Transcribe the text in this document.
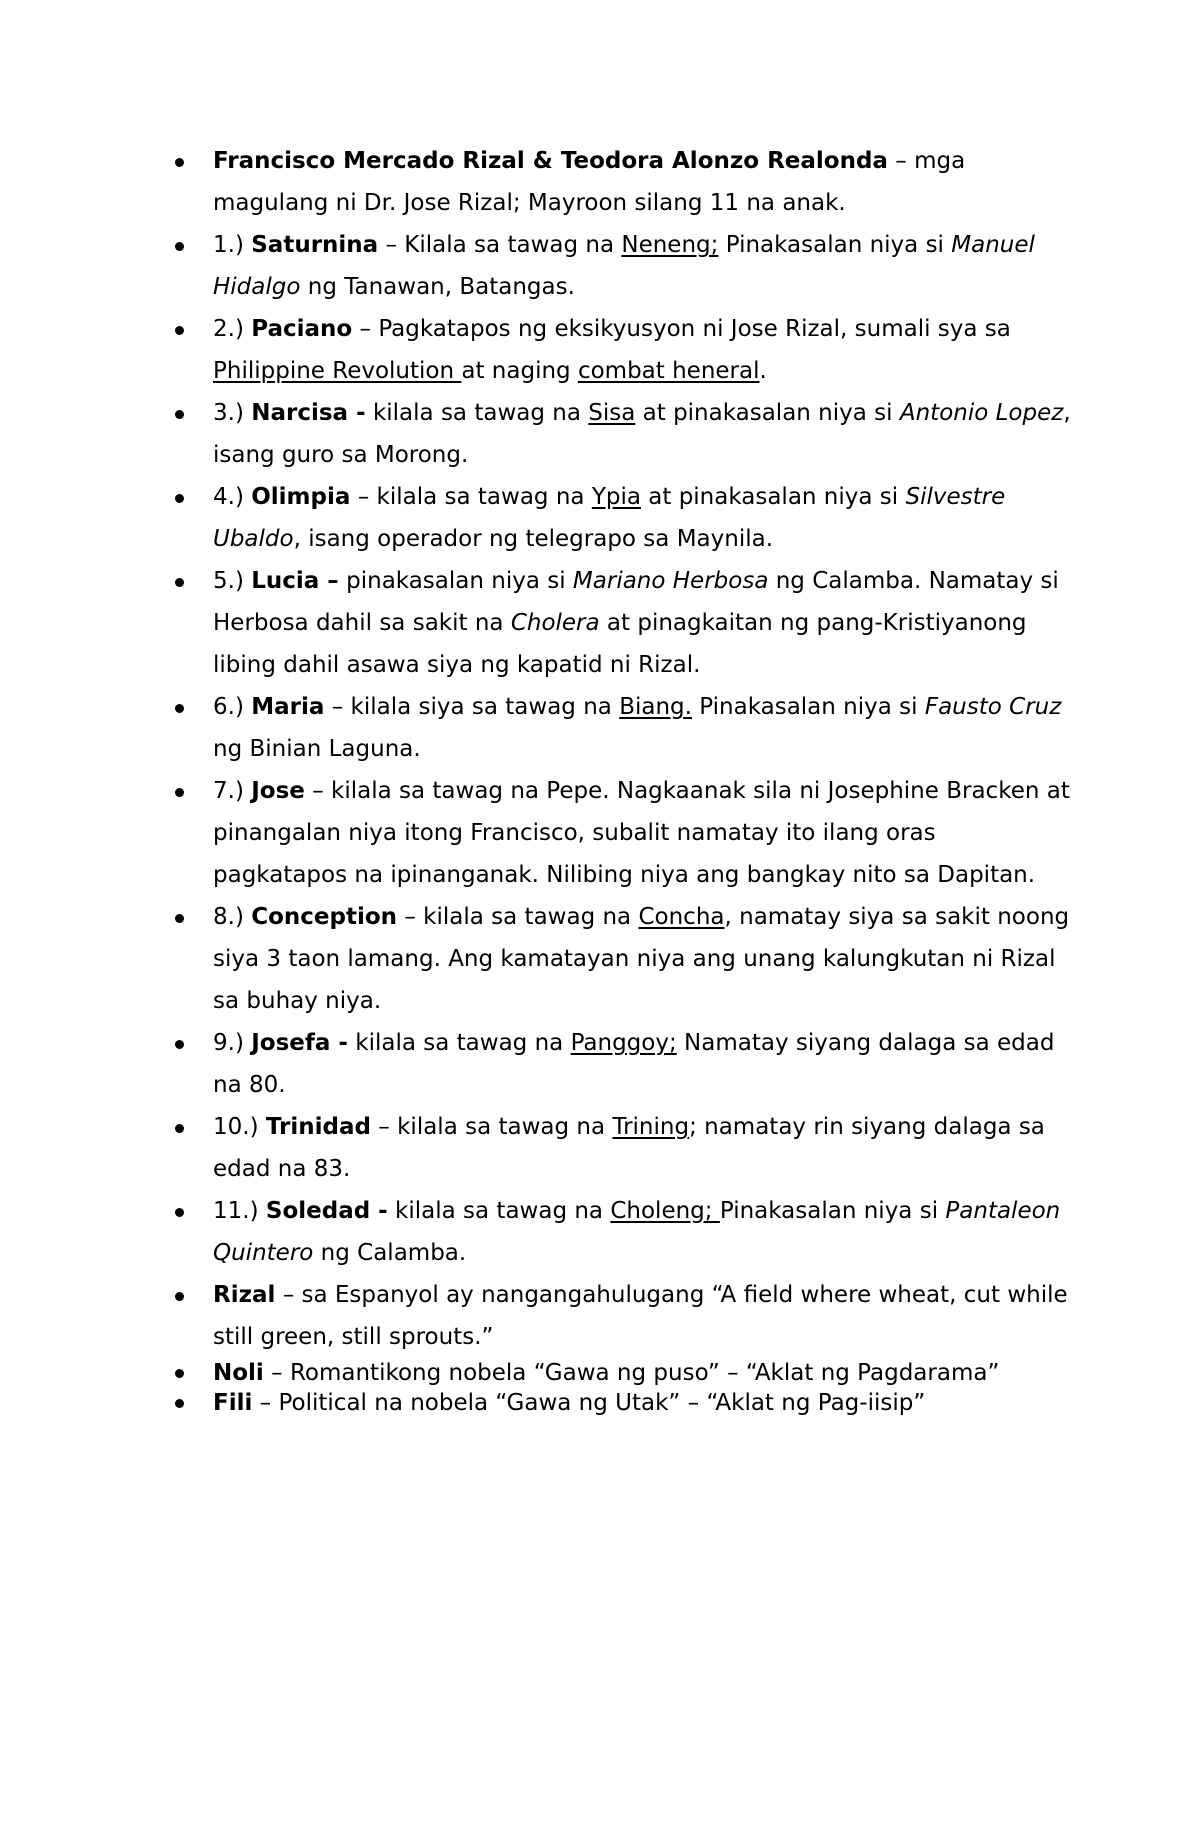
Francisco Mercado Rizal & Teodora Alonzo Realonda – mga magulang ni Dr. Jose Rizal; Mayroon silang 11 na anak.
1.) Saturnina – Kilala sa tawag na Neneng; Pinakasalan niya si Manuel Hidalgo ng Tanawan, Batangas.
2.) Paciano – Pagkatapos ng eksikyusyon ni Jose Rizal, sumali sya sa Philippine Revolution at naging combat heneral.
3.) Narcisa - kilala sa tawag na Sisa at pinakasalan niya si Antonio Lopez, isang guro sa Morong.
4.) Olimpia – kilala sa tawag na Ypia at pinakasalan niya si Silvestre Ubaldo, isang operador ng telegrapo sa Maynila.
5.) Lucia – pinakasalan niya si Mariano Herbosa ng Calamba. Namatay si Herbosa dahil sa sakit na Cholera at pinagkaitan ng pang-Kristiyanong libing dahil asawa siya ng kapatid ni Rizal.
6.) Maria – kilala siya sa tawag na Biang. Pinakasalan niya si Fausto Cruz ng Binian Laguna.
7.) Jose – kilala sa tawag na Pepe. Nagkaanak sila ni Josephine Bracken at pinangalan niya itong Francisco, subalit namatay ito ilang oras pagkatapos na ipinanganak. Nilibing niya ang bangkay nito sa Dapitan.
8.) Conception – kilala sa tawag na Concha, namatay siya sa sakit noong siya 3 taon lamang. Ang kamatayan niya ang unang kalungkutan ni Rizal sa buhay niya.
9.) Josefa - kilala sa tawag na Panggoy; Namatay siyang dalaga sa edad na 80.
10.) Trinidad – kilala sa tawag na Trining; namatay rin siyang dalaga sa edad na 83.
11.) Soledad - kilala sa tawag na Choleng; Pinakasalan niya si Pantaleon Quintero ng Calamba.
Rizal – sa Espanyol ay nangangahulugang “A field where wheat, cut while still green, still sprouts.”
Noli – Romantikong nobela “Gawa ng puso” – “Aklat ng Pagdarama”
Fili – Political na nobela “Gawa ng Utak” – “Aklat ng Pag-iisip”
